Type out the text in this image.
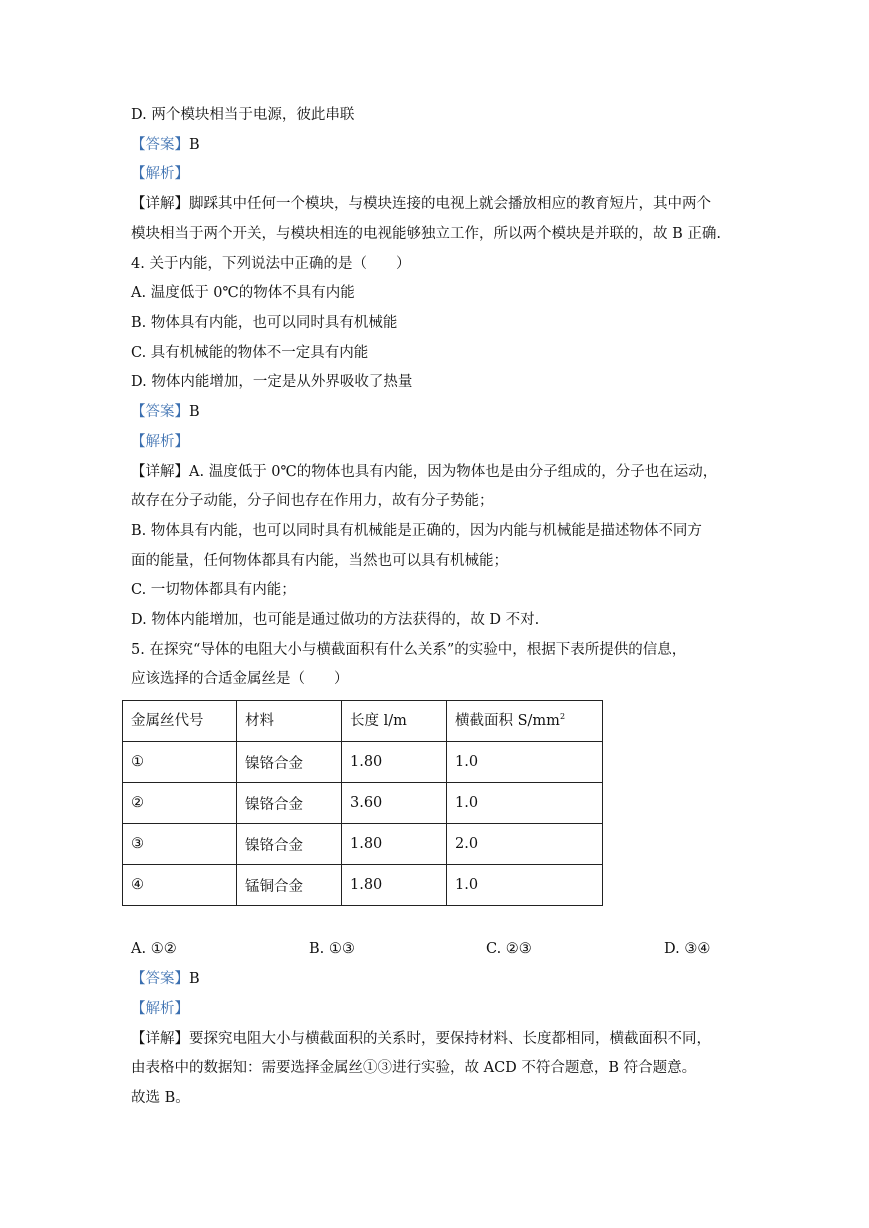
D. 两个模块相当于电源，彼此串联
【答案】B
【解析】
【详解】脚踩其中任何一个模块，与模块连接的电视上就会播放相应的教育短片，其中两个
模块相当于两个开关，与模块相连的电视能够独立工作，所以两个模块是并联的，故 B 正确.
4. 关于内能，下列说法中正确的是（　　）
A. 温度低于 0℃的物体不具有内能
B. 物体具有内能，也可以同时具有机械能
C. 具有机械能的物体不一定具有内能
D. 物体内能增加，一定是从外界吸收了热量
【答案】B
【解析】
【详解】A. 温度低于 0℃的物体也具有内能，因为物体也是由分子组成的，分子也在运动，
故存在分子动能，分子间也存在作用力，故有分子势能；
B. 物体具有内能，也可以同时具有机械能是正确的，因为内能与机械能是描述物体不同方
面的能量，任何物体都具有内能，当然也可以具有机械能；
C. 一切物体都具有内能；
D. 物体内能增加，也可能是通过做功的方法获得的，故 D 不对.
5. 在探究“导体的电阻大小与横截面积有什么关系”的实验中，根据下表所提供的信息，
应该选择的合适金属丝是（　　）
金属丝代号	材料	长度 l/m	横截面积 $S/mm^2$
①	镍铬合金	1.80	1.0
②	镍铬合金	3.60	1.0
③	镍铬合金	1.80	2.0
④	锰铜合金	1.80	1.0
A. ①②	B. ①③	C. ②③	D. ③④
【答案】B
【解析】
【详解】要探究电阻大小与横截面积的关系时，要保持材料、长度都相同，横截面积不同，
由表格中的数据知：需要选择金属丝①③进行实验，故 ACD 不符合题意，B 符合题意。
故选 B。
